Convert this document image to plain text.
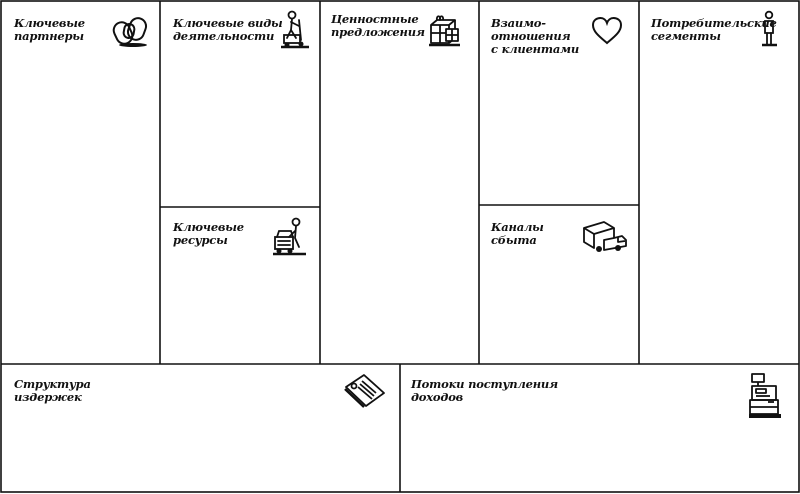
Ключевые
партнеры
Ключевые виды
деятельности
Ключевые
ресурсы
Ценностные
предложения
Взаимо-
отношения
с клиентами
Каналы
сбыта
Потребительские
сегменты
Структура
издержек
Потоки поступления
доходов
